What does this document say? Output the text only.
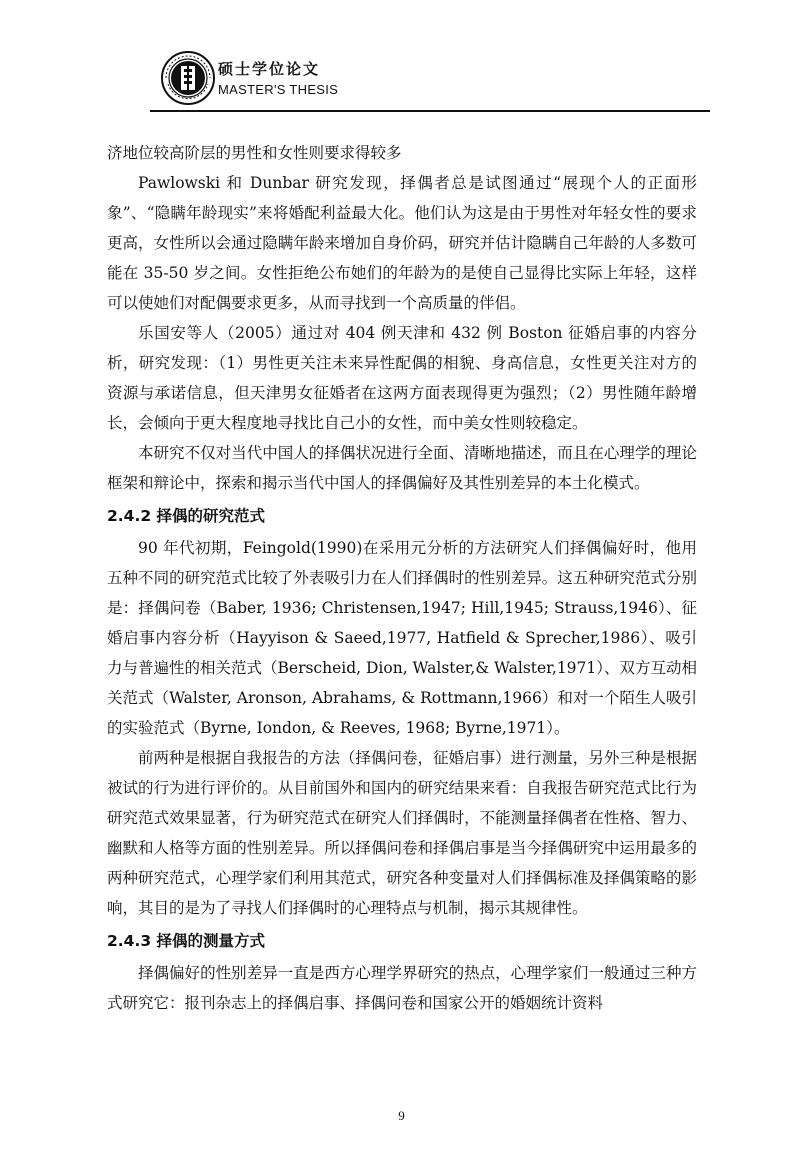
硕士学位论文
MASTER'S THESIS

济地位较高阶层的男性和女性则要求得较多

Pawlowski 和 Dunbar 研究发现，择偶者总是试图通过“展现个人的正面形象”、“隐瞒年龄现实”来将婚配利益最大化。他们认为这是由于男性对年轻女性的要求更高，女性所以会通过隐瞒年龄来增加自身价码，研究并估计隐瞒自己年龄的人多数可能在 35-50 岁之间。女性拒绝公布她们的年龄为的是使自己显得比实际上年轻，这样可以使她们对配偶要求更多，从而寻找到一个高质量的伴侣。

乐国安等人（2005）通过对 404 例天津和 432 例 Boston 征婚启事的内容分析，研究发现：（1）男性更关注未来异性配偶的相貌、身高信息，女性更关注对方的资源与承诺信息，但天津男女征婚者在这两方面表现得更为强烈；（2）男性随年龄增长，会倾向于更大程度地寻找比自己小的女性，而中美女性则较稳定。

本研究不仅对当代中国人的择偶状况进行全面、清晰地描述，而且在心理学的理论框架和辩论中，探索和揭示当代中国人的择偶偏好及其性别差异的本土化模式。

2.4.2 择偶的研究范式

90 年代初期，Feingold(1990)在采用元分析的方法研究人们择偶偏好时，他用五种不同的研究范式比较了外表吸引力在人们择偶时的性别差异。这五种研究范式分别是：择偶问卷（Baber, 1936; Christensen,1947; Hill,1945; Strauss,1946）、征婚启事内容分析（Hayyison & Saeed,1977, Hatfield & Sprecher,1986）、吸引力与普遍性的相关范式（Berscheid, Dion, Walster,& Walster,1971）、双方互动相关范式（Walster, Aronson, Abrahams, & Rottmann,1966）和对一个陌生人吸引的实验范式（Byrne, Iondon, & Reeves, 1968; Byrne,1971）。

前两种是根据自我报告的方法（择偶问卷，征婚启事）进行测量，另外三种是根据被试的行为进行评价的。从目前国外和国内的研究结果来看：自我报告研究范式比行为研究范式效果显著，行为研究范式在研究人们择偶时，不能测量择偶者在性格、智力、幽默和人格等方面的性别差异。所以择偶问卷和择偶启事是当今择偶研究中运用最多的两种研究范式，心理学家们利用其范式，研究各种变量对人们择偶标准及择偶策略的影响，其目的是为了寻找人们择偶时的心理特点与机制，揭示其规律性。

2.4.3 择偶的测量方式

择偶偏好的性别差异一直是西方心理学界研究的热点，心理学家们一般通过三种方式研究它：报刊杂志上的择偶启事、择偶问卷和国家公开的婚姻统计资料

9
